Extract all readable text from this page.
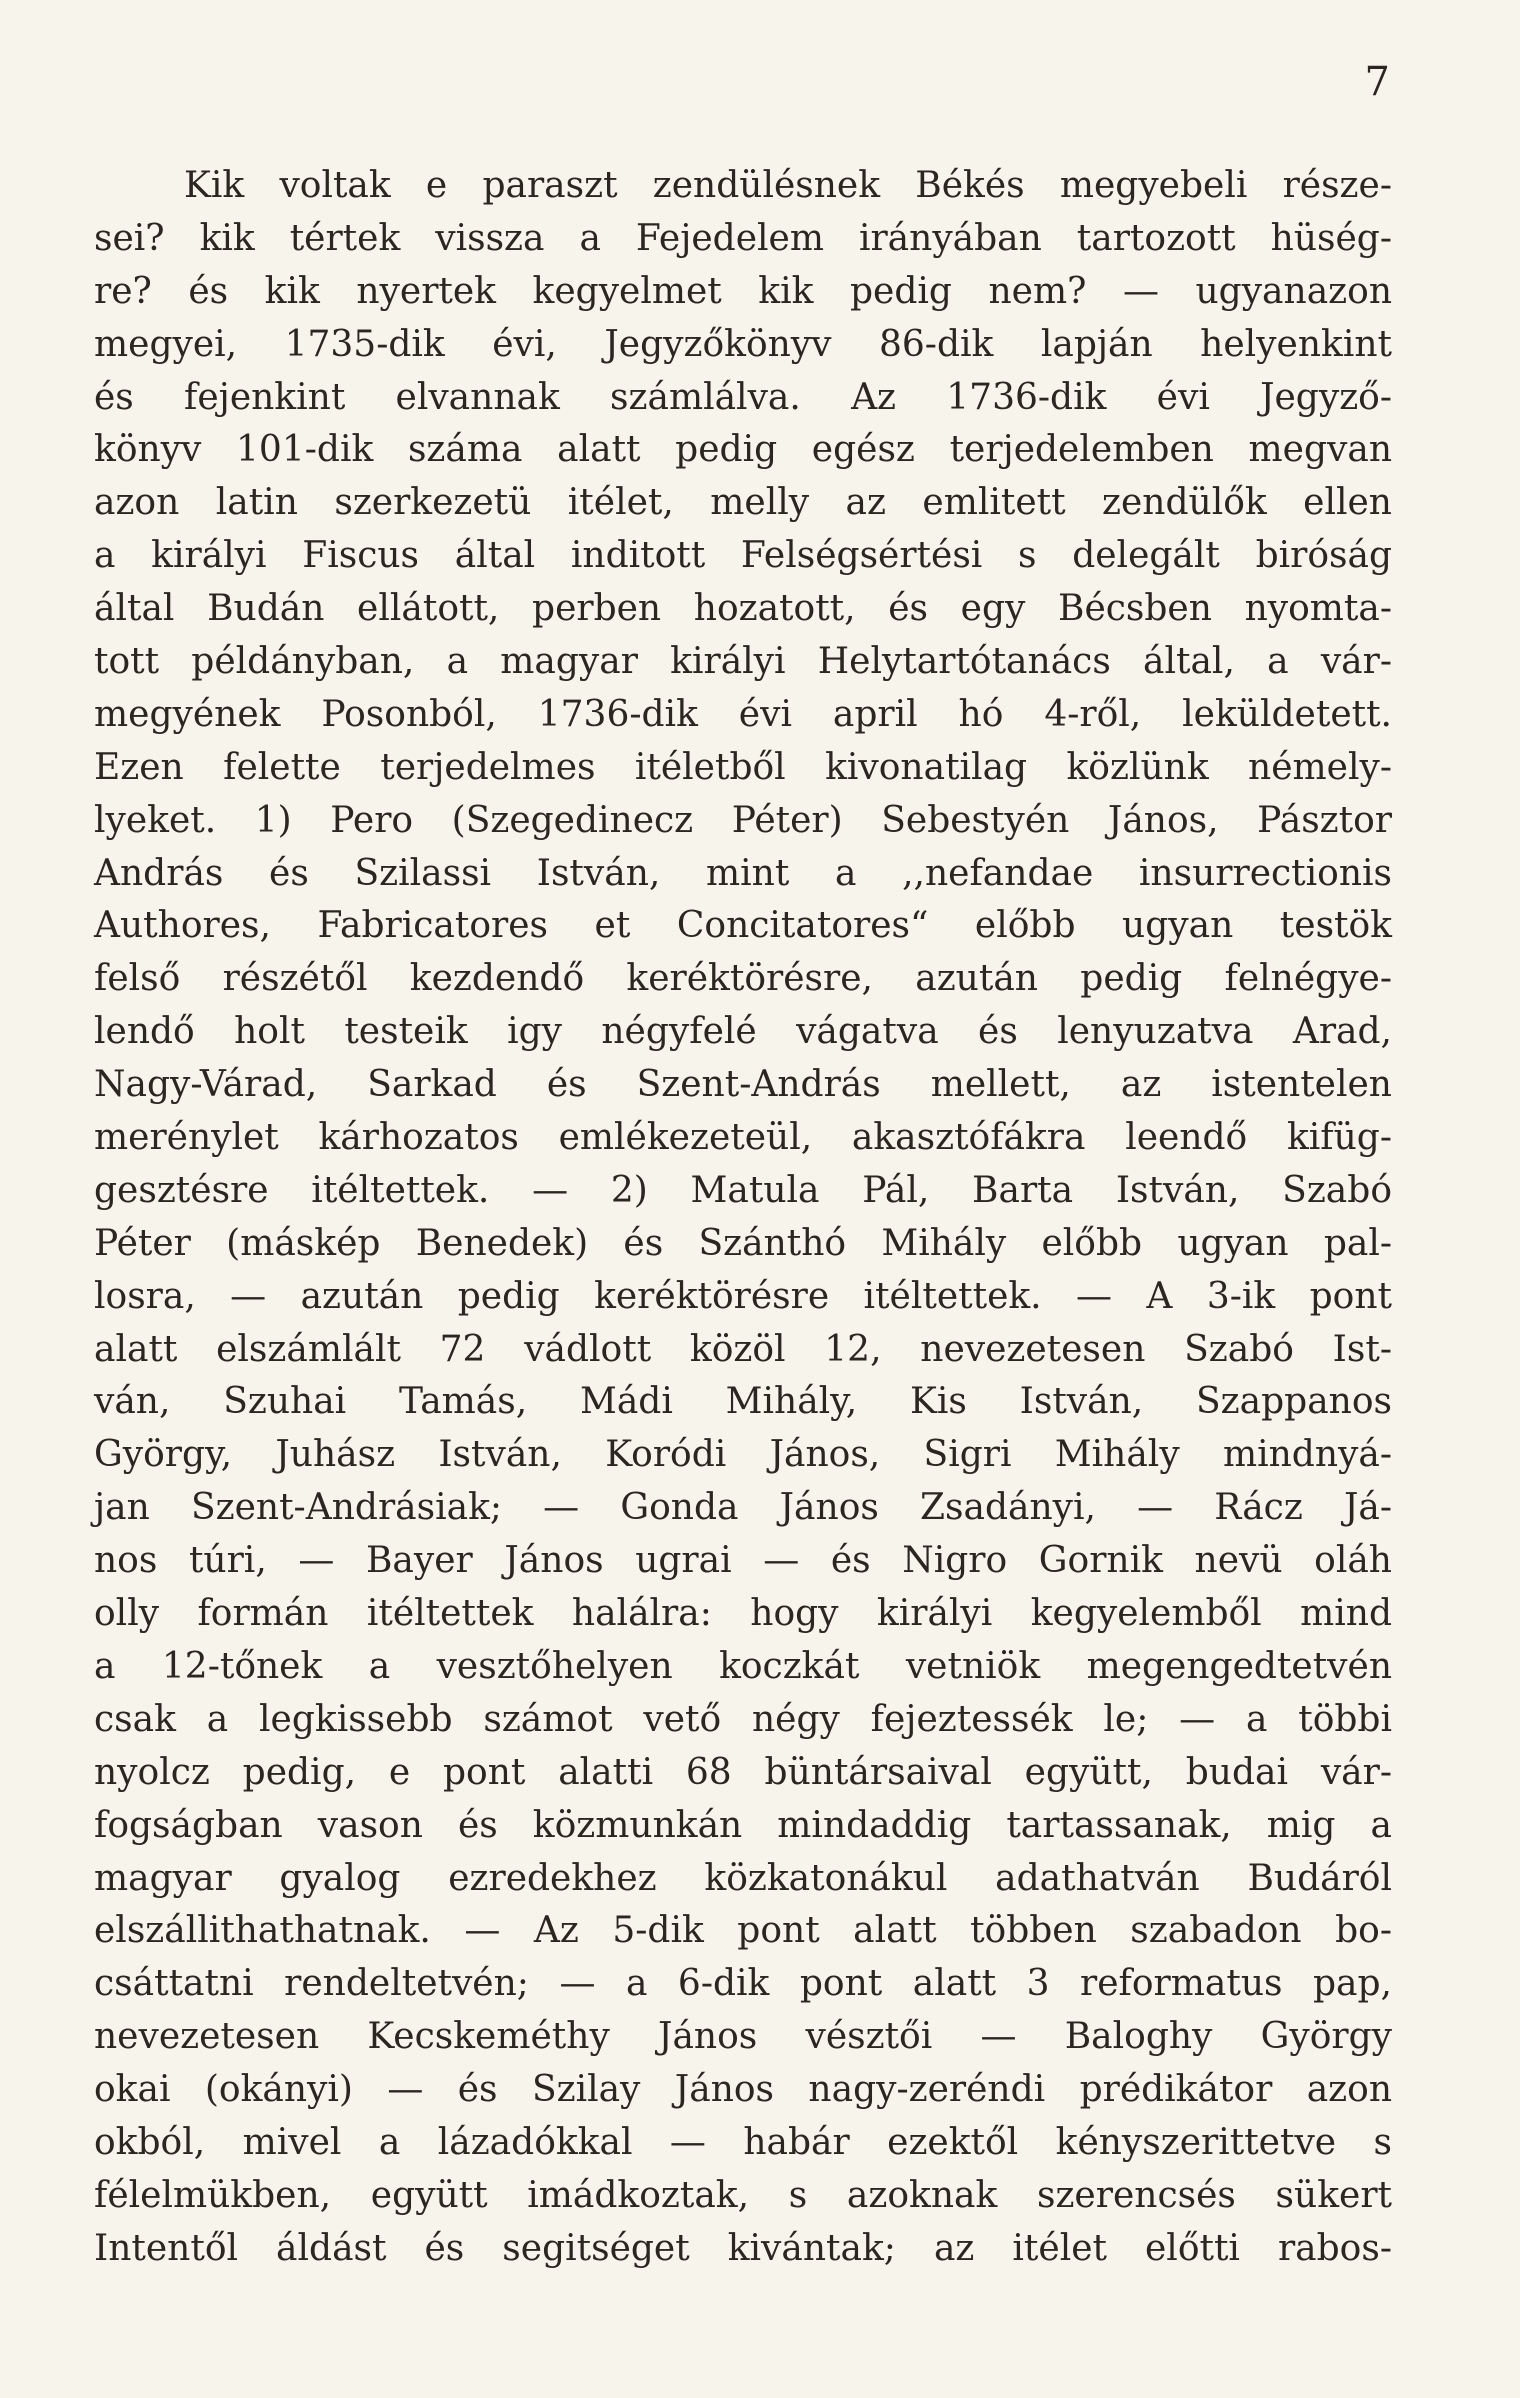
7
Kik voltak e paraszt zendülésnek Békés megyebeli része-
sei? kik tértek vissza a Fejedelem irányában tartozott hüség-
re? és kik nyertek kegyelmet kik pedig nem? — ugyanazon
megyei, 1735-dik évi, Jegyzőkönyv 86-dik lapján helyenkint
és fejenkint elvannak számlálva. Az 1736-dik évi Jegyző-
könyv 101-dik száma alatt pedig egész terjedelemben megvan
azon latin szerkezetü itélet, melly az emlitett zendülők ellen
a királyi Fiscus által inditott Felségsértési s delegált biróság
által Budán ellátott, perben hozatott, és egy Bécsben nyomta-
tott példányban, a magyar királyi Helytartótanács által, a vár-
megyének Posonból, 1736-dik évi april hó 4-ről, leküldetett.
Ezen felette terjedelmes itéletből kivonatilag közlünk némely-
lyeket. 1) Pero (Szegedinecz Péter) Sebestyén János, Pásztor
András és Szilassi István, mint a ,,nefandae insurrectionis
Authores, Fabricatores et Concitatores“ előbb ugyan testök
felső részétől kezdendő keréktörésre, azután pedig felnégye-
lendő holt testeik igy négyfelé vágatva és lenyuzatva Arad,
Nagy-Várad, Sarkad és Szent-András mellett, az istentelen
merénylet kárhozatos emlékezeteül, akasztófákra leendő kifüg-
gesztésre itéltettek. — 2) Matula Pál, Barta István, Szabó
Péter (máskép Benedek) és Szánthó Mihály előbb ugyan pal-
losra, — azután pedig keréktörésre itéltettek. — A 3-ik pont
alatt elszámlált 72 vádlott közöl 12, nevezetesen Szabó Ist-
ván, Szuhai Tamás, Mádi Mihály, Kis István, Szappanos
György, Juhász István, Koródi János, Sigri Mihály mindnyá-
jan Szent-Andrásiak; — Gonda János Zsadányi, — Rácz Já-
nos túri, — Bayer János ugrai — és Nigro Gornik nevü oláh
olly formán itéltettek halálra: hogy királyi kegyelemből mind
a 12-tőnek a vesztőhelyen koczkát vetniök megengedtetvén
csak a legkissebb számot vető négy fejeztessék le; — a többi
nyolcz pedig, e pont alatti 68 büntársaival együtt, budai vár-
fogságban vason és közmunkán mindaddig tartassanak, mig a
magyar gyalog ezredekhez közkatonákul adathatván Budáról
elszállithathatnak. — Az 5-dik pont alatt többen szabadon bo-
csáttatni rendeltetvén; — a 6-dik pont alatt 3 reformatus pap,
nevezetesen Kecskeméthy János vésztői — Baloghy György
okai (okányi) — és Szilay János nagy-zeréndi prédikátor azon
okból, mivel a lázadókkal — habár ezektől kényszerittetve s
félelmükben, együtt imádkoztak, s azoknak szerencsés sükert
Intentől áldást és segitséget kivántak; az itélet előtti rabos-
